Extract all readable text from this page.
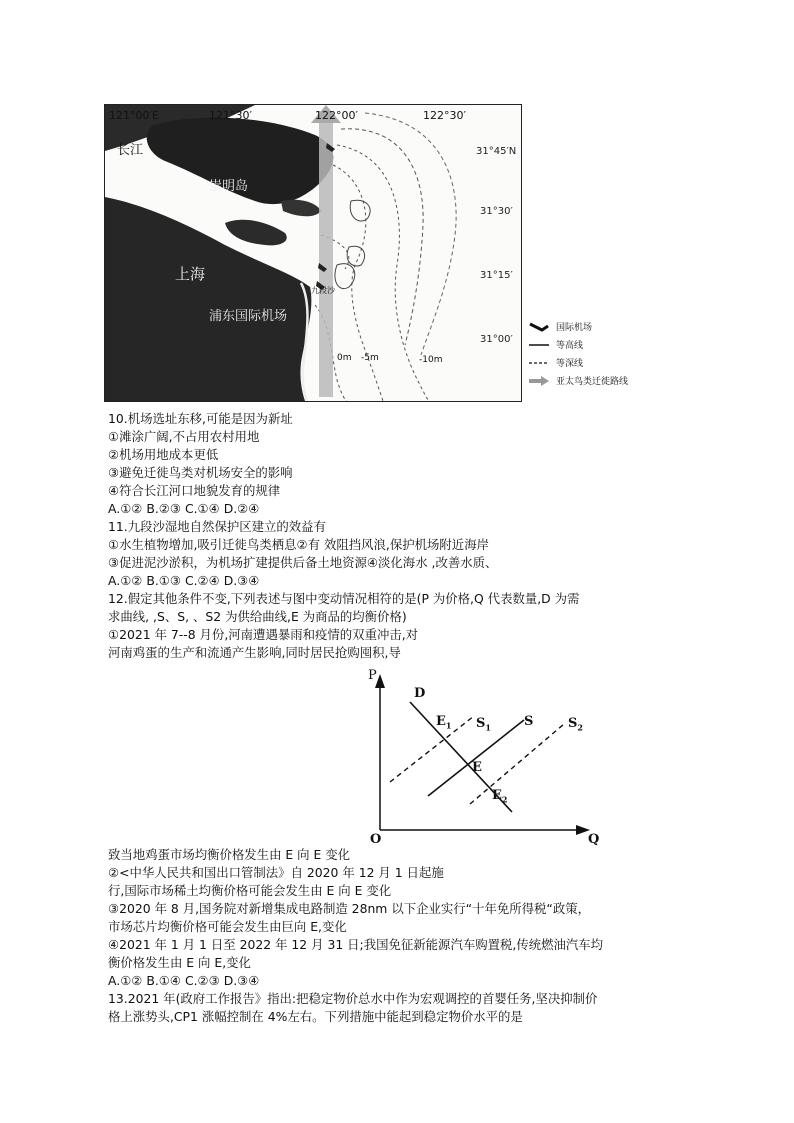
121°00′E	121°30′	122°00′	122°30′
长江
崇明岛
上海
浦东国际机场
九段沙
0m -5m	-10m
31°45′N
31°30′
31°15′
31°00′
国际机场
等高线
等深线
亚太鸟类迁徙路线
10.机场选址东移,可能是因为新址
①滩涂广阔,不占用农村用地
②机场用地成本更低
③避免迁徙鸟类对机场安全的影响
④符合长江河口地貌发育的规律
A.①② B.②③ C.①④ D.②④
11.九段沙湿地自然保护区建立的效益有
①水生植物增加,吸引迁徙鸟类栖息②有 效阻挡风浪,保护机场附近海岸
③促进泥沙淤积，为机场扩建提供后备土地资源④淡化海水 ,改善水质、
A.①② B.①③ C.②④ D.③④
12.假定其他条件不变,下列表述与图中变动情况相符的是(P 为价格,Q 代表数量,D 为需
求曲线, ,S、S, 、S2 为供给曲线,E 为商品的均衡价格)
①2021 年 7--8 月份,河南遭遇暴雨和疫情的双重冲击,对
河南鸡蛋的生产和流通产生影响,同时居民抢购囤积,导
P
Q
O
D
$E_1$ $S_1$	S	$S_2$
E
$E_2$
致当地鸡蛋市场均衡价格发生由 E 向 E 变化
②<中华人民共和国出口管制法》自 2020 年 12 月 1 日起施
行,国际市场稀土均衡价格可能会发生由 E 向 E 变化
③2020 年 8 月,国务院对新增集成电路制造 28nm 以下企业实行“十年免所得税“政策，
市场芯片均衡价格可能会发生由巨向 E,变化
④2021 年 1 月 1 日至 2022 年 12 月 31 日;我国免征新能源汽车购置税,传统燃油汽车均
衡价格发生由 E 向 E,变化
A.①② B.①④ C.②③ D.③④
13.2021 年(政府工作报告》指出:把稳定物价总水中作为宏观调控的首婴任务,坚决抑制价
格上涨势头,CP1 涨幅控制在 4%左右。下列措施中能起到稳定物价水平的是
